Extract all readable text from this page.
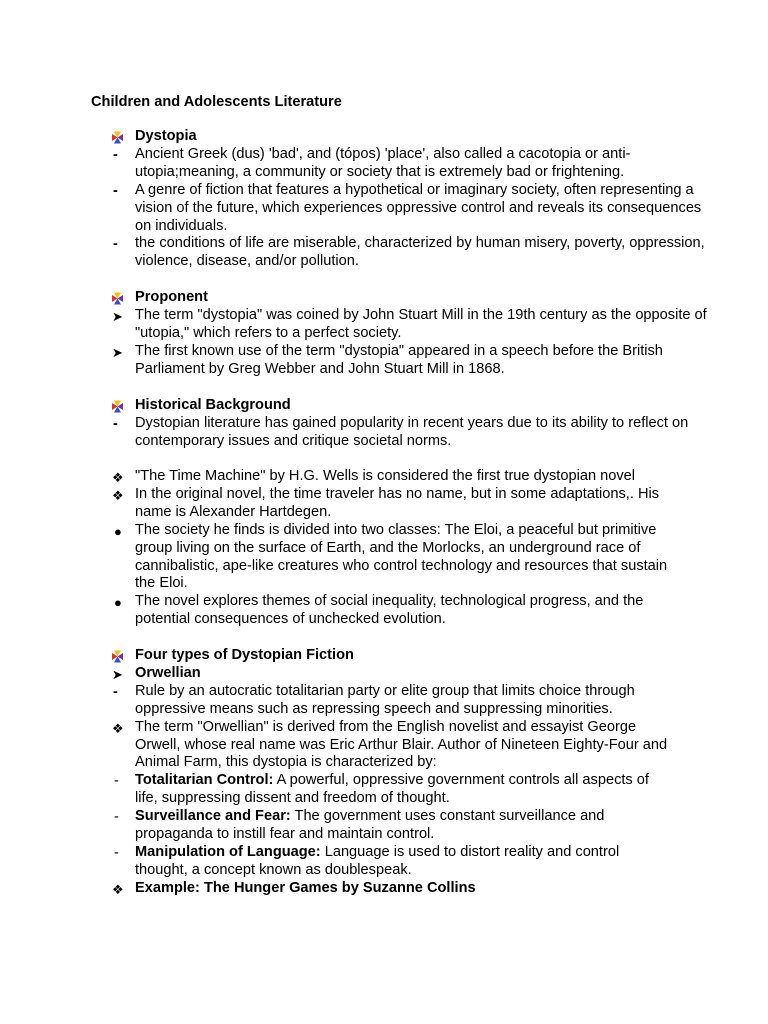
Children and Adolescents Literature
Dystopia
-	Ancient Greek (dus) 'bad', and (tópos) 'place', also called a cacotopia or anti-utopia;meaning, a community or society that is extremely bad or frightening.
-	A genre of fiction that features a hypothetical or imaginary society, often representing a vision of the future, which experiences oppressive control and reveals its consequences on individuals.
-	the conditions of life are miserable, characterized by human misery, poverty, oppression, violence, disease, and/or pollution.
Proponent
➤ The term "dystopia" was coined by John Stuart Mill in the 19th century as the opposite of "utopia," which refers to a perfect society.
➤ The first known use of the term "dystopia" appeared in a speech before the British Parliament by Greg Webber and John Stuart Mill in 1868.
Historical Background
-	Dystopian literature has gained popularity in recent years due to its ability to reflect on contemporary issues and critique societal norms.
❖ "The Time Machine" by H.G. Wells is considered the first true dystopian novel
❖ In the original novel, the time traveler has no name, but in some adaptations,. His name is Alexander Hartdegen.
● The society he finds is divided into two classes: The Eloi, a peaceful but primitive group living on the surface of Earth, and the Morlocks, an underground race of cannibalistic, ape-like creatures who control technology and resources that sustain the Eloi.
● The novel explores themes of social inequality, technological progress, and the potential consequences of unchecked evolution.
Four types of Dystopian Fiction
➤ Orwellian
-	Rule by an autocratic totalitarian party or elite group that limits choice through oppressive means such as repressing speech and suppressing minorities.
❖ The term "Orwellian" is derived from the English novelist and essayist George Orwell, whose real name was Eric Arthur Blair. Author of Nineteen Eighty-Four and Animal Farm, this dystopia is characterized by:
-	Totalitarian Control: A powerful, oppressive government controls all aspects of life, suppressing dissent and freedom of thought.
-	Surveillance and Fear: The government uses constant surveillance and propaganda to instill fear and maintain control.
-	Manipulation of Language: Language is used to distort reality and control thought, a concept known as doublespeak.
❖ Example: The Hunger Games by Suzanne Collins
